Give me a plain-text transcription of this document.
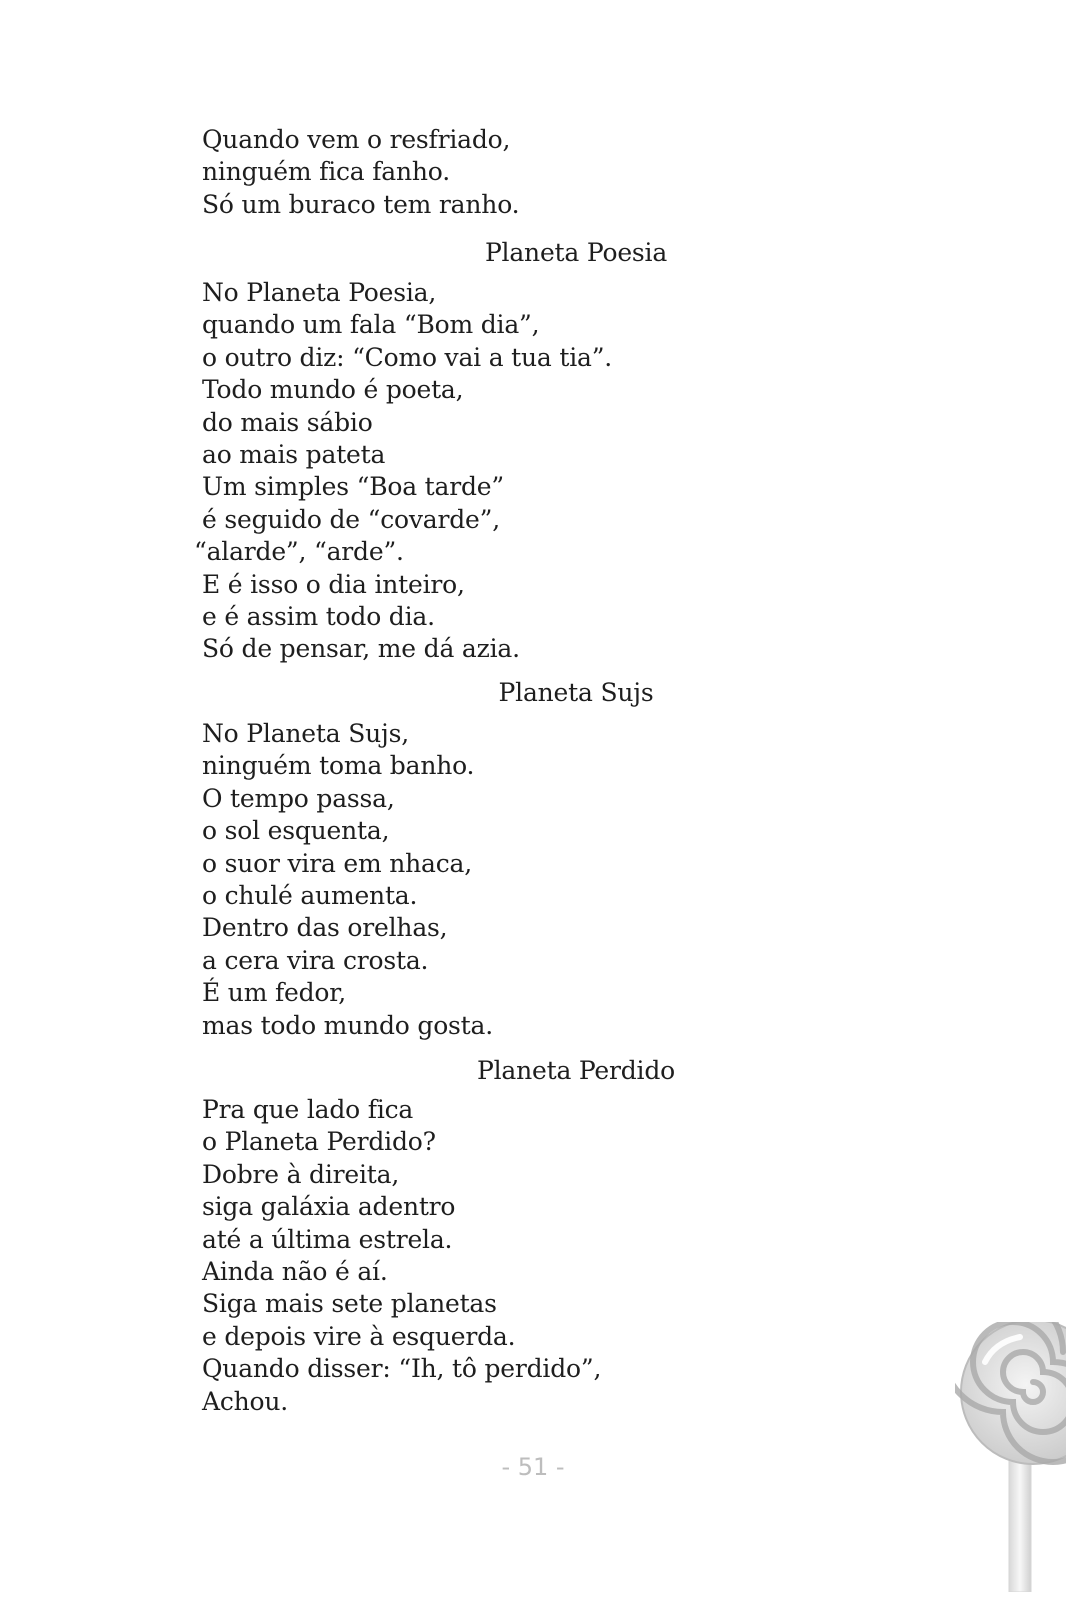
Quando vem o resfriado,
ninguém fica fanho.
Só um buraco tem ranho.
Planeta Poesia
No Planeta Poesia,
quando um fala “Bom dia”,
o outro diz: “Como vai a tua tia”.
Todo mundo é poeta,
do mais sábio
ao mais pateta
Um simples “Boa tarde”
é seguido de “covarde”,
“alarde”, “arde”.
E é isso o dia inteiro,
e é assim todo dia.
Só de pensar, me dá azia.
Planeta Sujs
No Planeta Sujs,
ninguém toma banho.
O tempo passa,
o sol esquenta,
o suor vira em nhaca,
o chulé aumenta.
Dentro das orelhas,
a cera vira crosta.
É um fedor,
mas todo mundo gosta.
Planeta Perdido
Pra que lado fica
o Planeta Perdido?
Dobre à direita,
siga galáxia adentro
até a última estrela.
Ainda não é aí.
Siga mais sete planetas
e depois vire à esquerda.
Quando disser: “Ih, tô perdido”,
Achou.
- 51 -
